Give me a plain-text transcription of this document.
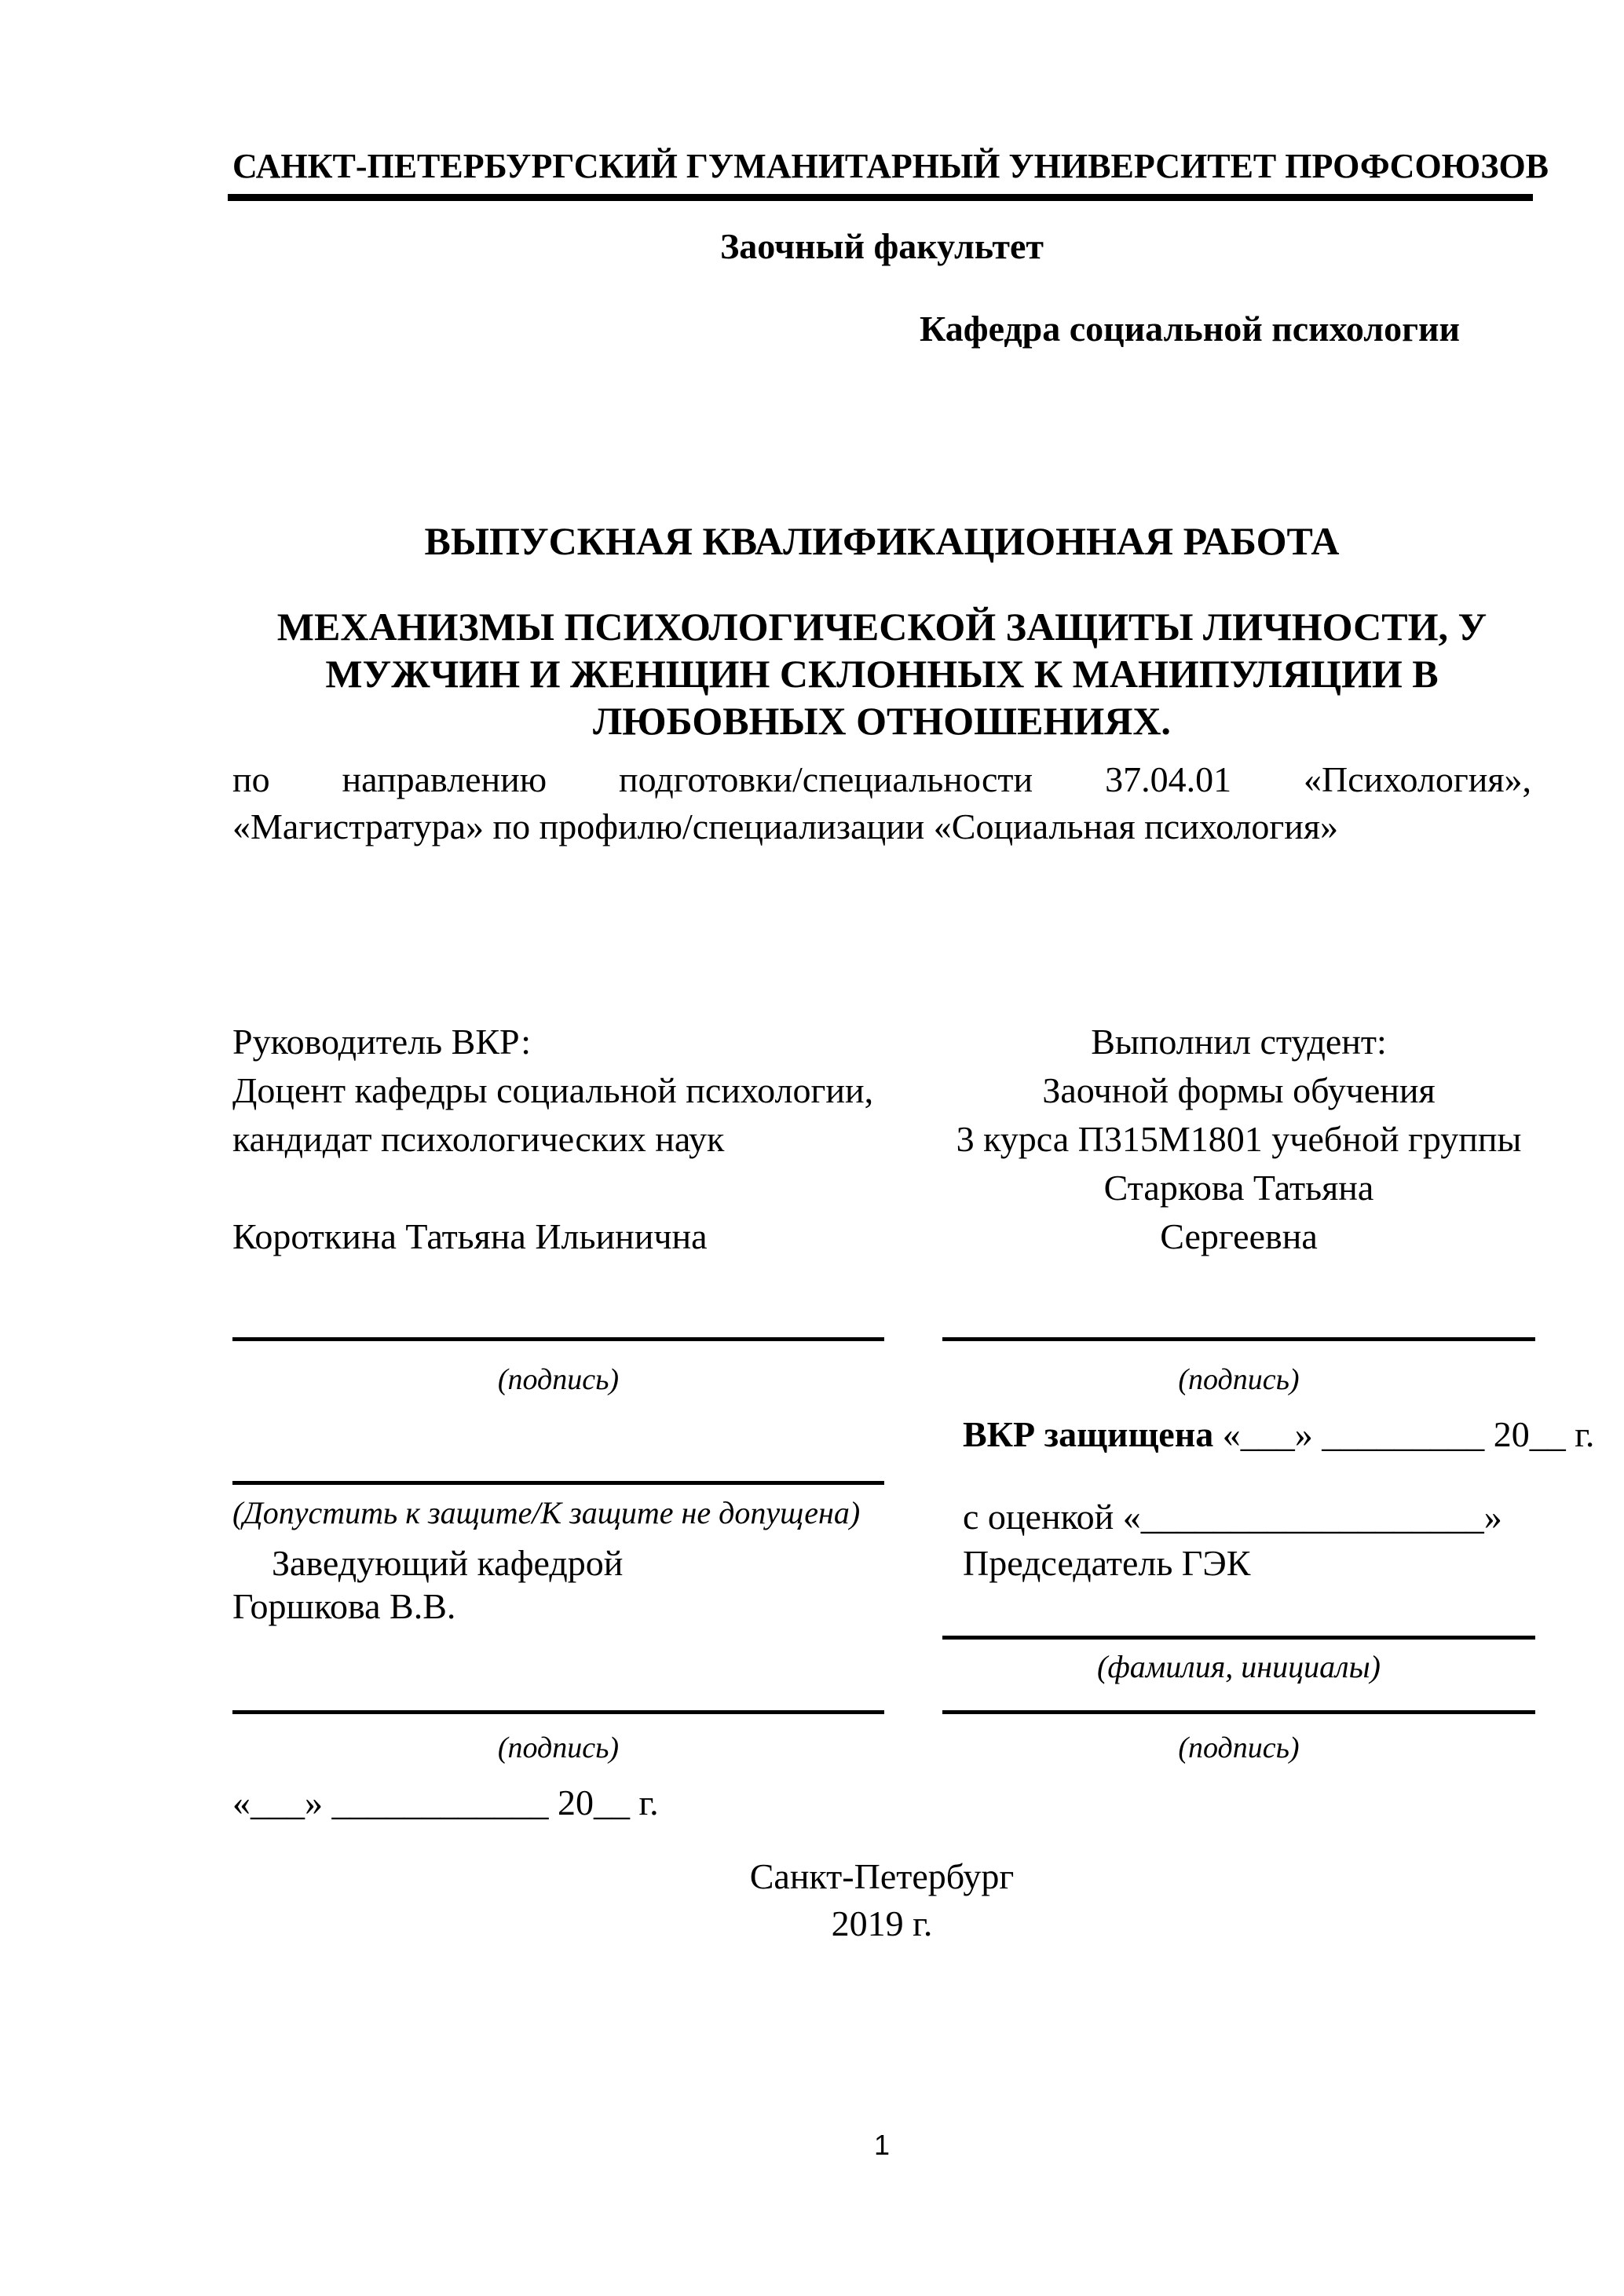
САНКТ-ПЕТЕРБУРГСКИЙ ГУМАНИТАРНЫЙ УНИВЕРСИТЕТ ПРОФСОЮЗОВ
Заочный факультет
Кафедра социальной психологии
ВЫПУСКНАЯ КВАЛИФИКАЦИОННАЯ РАБОТА
МЕХАНИЗМЫ ПСИХОЛОГИЧЕСКОЙ ЗАЩИТЫ ЛИЧНОСТИ, У
МУЖЧИН И ЖЕНЩИН СКЛОННЫХ К МАНИПУЛЯЦИИ В
ЛЮБОВНЫХ ОТНОШЕНИЯХ.
по направлению подготовки/специальности 37.04.01 «Психология»,
«Магистратура» по профилю/специализации «Социальная психология»
Руководитель ВКР:
Доцент кафедры социальной психологии,
кандидат психологических наук
Короткина Татьяна Ильинична
Выполнил студент:
Заочной формы обучения
3 курса П315М1801 учебной группы
Старкова Татьяна
Сергеевна
(подпись)	(подпись)
ВКР защищена «___» _________ 20__ г.
(Допустить к защите/К защите не допущена)	с оценкой «___________________»
Заведующий кафедрой	Председатель ГЭК
Горшкова В.В.
(фамилия, инициалы)
(подпись)	(подпись)
«___» ____________ 20__ г.
Санкт-Петербург
2019 г.
1
